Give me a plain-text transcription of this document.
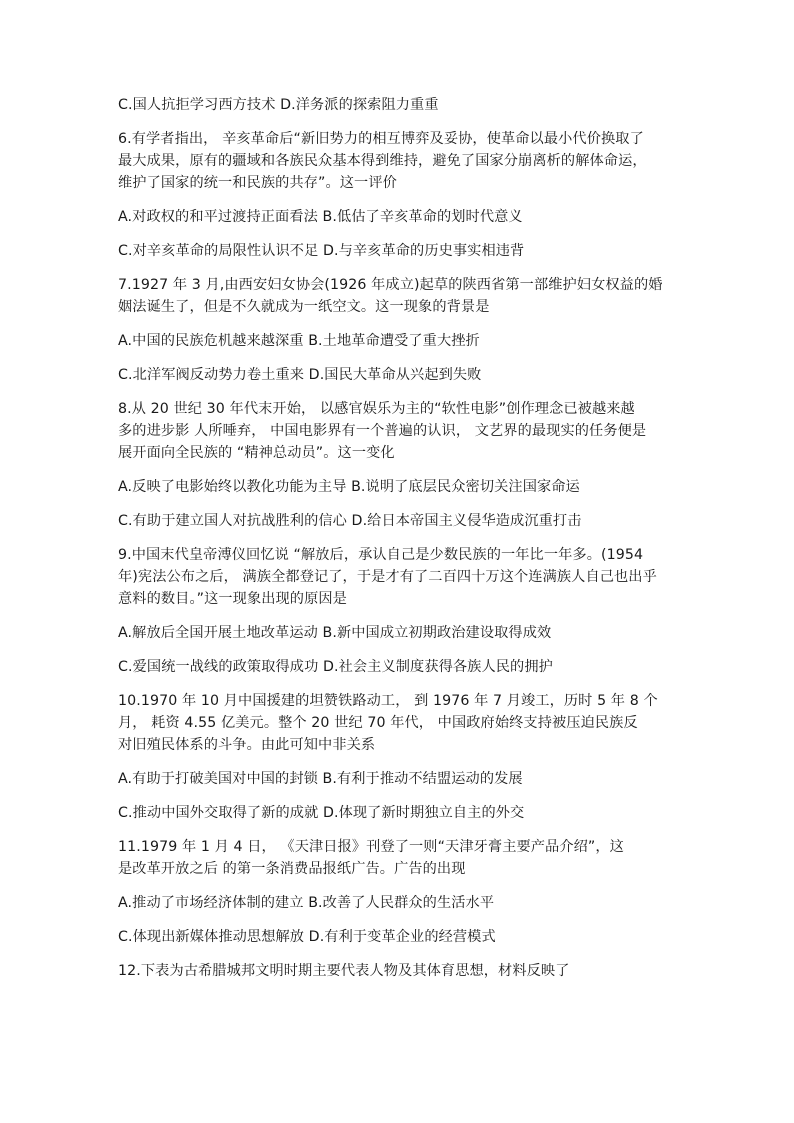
C.国人抗拒学习西方技术 D.洋务派的探索阻力重重
6.有学者指出， 辛亥革命后“新旧势力的相互博弈及妥协，使革命以最小代价换取了
最大成果，原有的疆域和各族民众基本得到维持，避免了国家分崩离析的解体命运，
维护了国家的统一和民族的共存”。这一评价
A.对政权的和平过渡持正面看法 B.低估了辛亥革命的划时代意义
C.对辛亥革命的局限性认识不足 D.与辛亥革命的历史事实相违背
7.1927 年 3 月,由西安妇女协会(1926 年成立)起草的陕西省第一部维护妇女权益的婚
姻法诞生了，但是不久就成为一纸空文。这一现象的背景是
A.中国的民族危机越来越深重 B.土地革命遭受了重大挫折
C.北洋军阀反动势力卷土重来 D.国民大革命从兴起到失败
8.从 20 世纪 30 年代末开始， 以感官娱乐为主的“软性电影”创作理念已被越来越
多的进步影 人所唾弃， 中国电影界有一个普遍的认识， 文艺界的最现实的任务便是
展开面向全民族的 “精神总动员”。这一变化
A.反映了电影始终以教化功能为主导 B.说明了底层民众密切关注国家命运
C.有助于建立国人对抗战胜利的信心 D.给日本帝国主义侵华造成沉重打击
9.中国末代皇帝溥仪回忆说 “解放后，承认自己是少数民族的一年比一年多。(1954
年)宪法公布之后， 满族全都登记了，于是才有了二百四十万这个连满族人自己也出乎
意料的数目。”这一现象出现的原因是
A.解放后全国开展土地改革运动 B.新中国成立初期政治建设取得成效
C.爱国统一战线的政策取得成功 D.社会主义制度获得各族人民的拥护
10.1970 年 10 月中国援建的坦赞铁路动工， 到 1976 年 7 月竣工，历时 5 年 8 个
月， 耗资 4.55 亿美元。整个 20 世纪 70 年代， 中国政府始终支持被压迫民族反
对旧殖民体系的斗争。由此可知中非关系
A.有助于打破美国对中国的封锁 B.有利于推动不结盟运动的发展
C.推动中国外交取得了新的成就 D.体现了新时期独立自主的外交
11.1979 年 1 月 4 日， 《天津日报》刊登了一则“天津牙膏主要产品介绍”，这
是改革开放之后 的第一条消费品报纸广告。广告的出现
A.推动了市场经济体制的建立 B.改善了人民群众的生活水平
C.体现出新媒体推动思想解放 D.有利于变革企业的经营模式
12.下表为古希腊城邦文明时期主要代表人物及其体育思想，材料反映了
